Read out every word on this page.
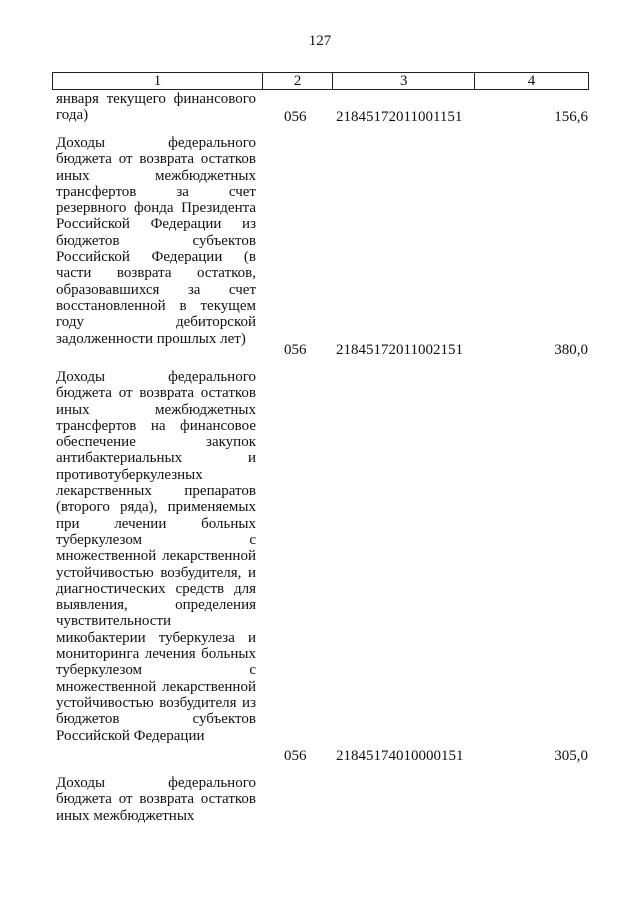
127
1	2	3	4
января текущего финансового
года)	056	21845172011001151	156,6
Доходы федерального
бюджета от возврата остатков
иных межбюджетных
трансфертов за счет
резервного фонда Президента
Российской Федерации из
бюджетов субъектов
Российской Федерации (в
части возврата остатков,
образовавшихся за счет
восстановленной в текущем
году дебиторской
задолженности прошлых лет)
056	21845172011002151	380,0
Доходы федерального
бюджета от возврата остатков
иных межбюджетных
трансфертов на финансовое
обеспечение закупок
антибактериальных и
противотуберкулезных
лекарственных препаратов
(второго ряда), применяемых
при лечении больных
туберкулезом с
множественной лекарственной
устойчивостью возбудителя, и
диагностических средств для
выявления, определения
чувствительности
микобактерии туберкулеза и
мониторинга лечения больных
туберкулезом с
множественной лекарственной
устойчивостью возбудителя из
бюджетов субъектов
Российской Федерации
056	21845174010000151	305,0
Доходы федерального
бюджета от возврата остатков
иных межбюджетных
